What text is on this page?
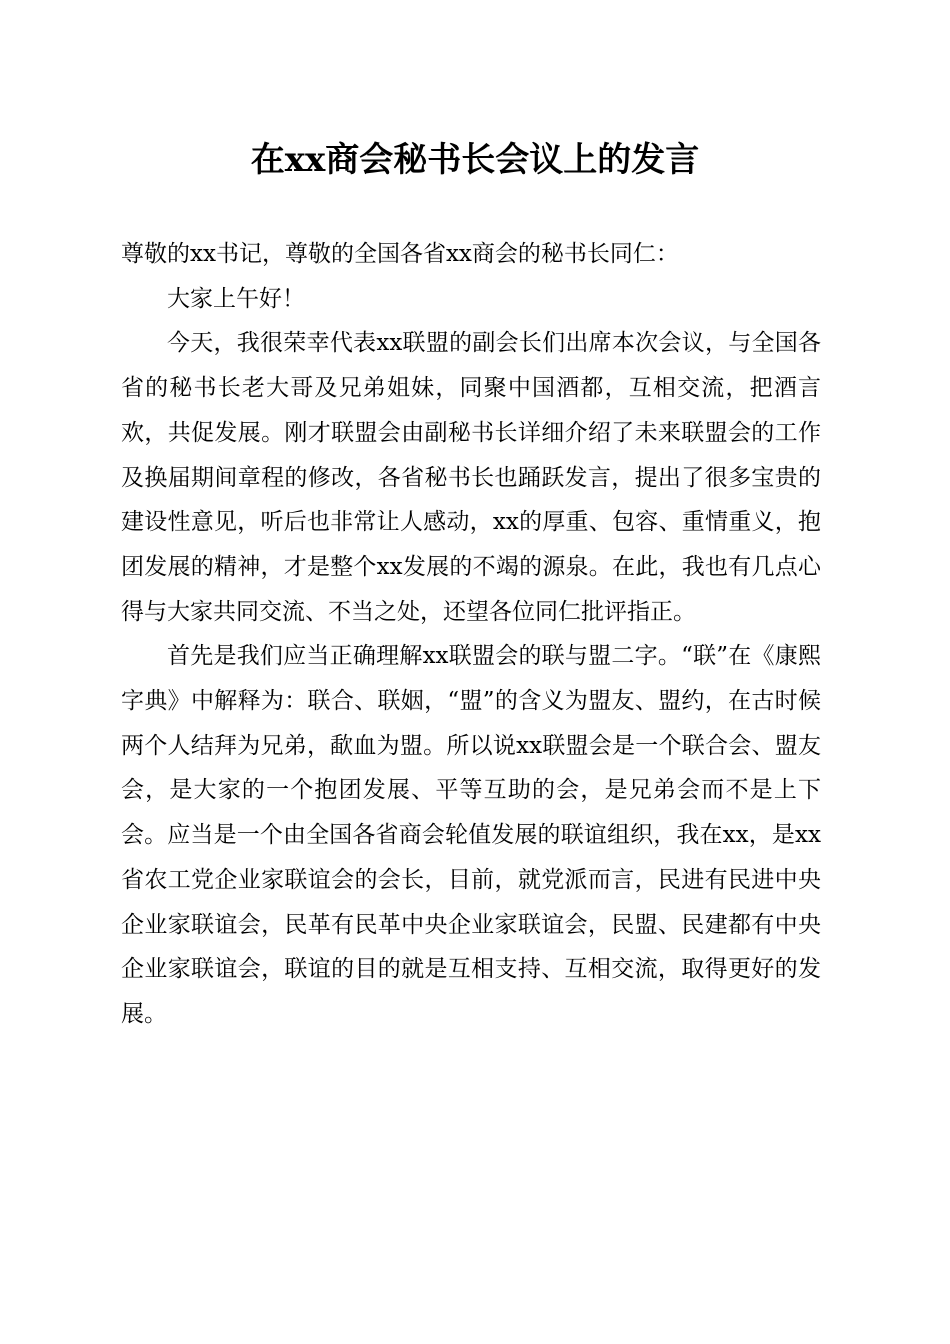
在xx商会秘书长会议上的发言

尊敬的xx书记，尊敬的全国各省xx商会的秘书长同仁：

大家上午好！

今天，我很荣幸代表xx联盟的副会长们出席本次会议，与全国各省的秘书长老大哥及兄弟姐妹，同聚中国酒都，互相交流，把酒言欢，共促发展。刚才联盟会由副秘书长详细介绍了未来联盟会的工作及换届期间章程的修改，各省秘书长也踊跃发言，提出了很多宝贵的建设性意见，听后也非常让人感动，xx的厚重、包容、重情重义，抱团发展的精神，才是整个xx发展的不竭的源泉。在此，我也有几点心得与大家共同交流、不当之处，还望各位同仁批评指正。

首先是我们应当正确理解xx联盟会的联与盟二字。“联”在《康熙字典》中解释为：联合、联姻，“盟”的含义为盟友、盟约，在古时候两个人结拜为兄弟，歃血为盟。所以说xx联盟会是一个联合会、盟友会，是大家的一个抱团发展、平等互助的会，是兄弟会而不是上下会。应当是一个由全国各省商会轮值发展的联谊组织，我在xx，是xx省农工党企业家联谊会的会长，目前，就党派而言，民进有民进中央企业家联谊会，民革有民革中央企业家联谊会，民盟、民建都有中央企业家联谊会，联谊的目的就是互相支持、互相交流，取得更好的发展。
